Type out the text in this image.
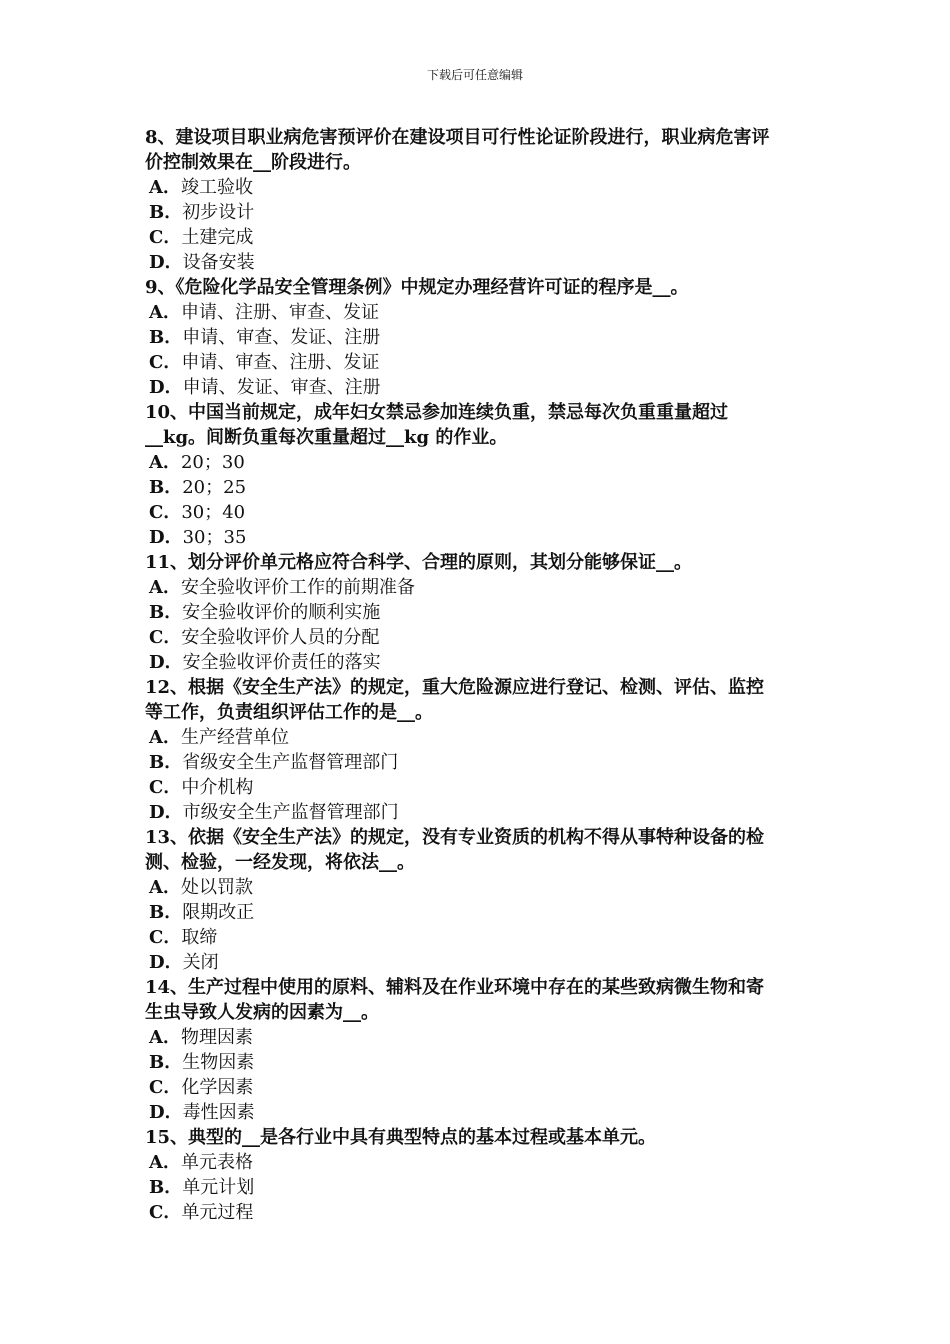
下载后可任意编辑
8、建设项目职业病危害预评价在建设项目可行性论证阶段进行，职业病危害评
价控制效果在__阶段进行。
A．竣工验收
B．初步设计
C．土建完成
D．设备安装
9、《危险化学品安全管理条例》中规定办理经营许可证的程序是__。
A．申请、注册、审查、发证
B．申请、审查、发证、注册
C．申请、审查、注册、发证
D．申请、发证、审查、注册
10、中国当前规定，成年妇女禁忌参加连续负重，禁忌每次负重重量超过
__kg。间断负重每次重量超过__kg 的作业。
A．20；30
B．20；25
C．30；40
D．30；35
11、划分评价单元格应符合科学、合理的原则，其划分能够保证__。
A．安全验收评价工作的前期准备
B．安全验收评价的顺利实施
C．安全验收评价人员的分配
D．安全验收评价责任的落实
12、根据《安全生产法》的规定，重大危险源应进行登记、检测、评估、监控
等工作，负责组织评估工作的是__。
A．生产经营单位
B．省级安全生产监督管理部门
C．中介机构
D．市级安全生产监督管理部门
13、依据《安全生产法》的规定，没有专业资质的机构不得从事特种设备的检
测、检验，一经发现，将依法__。
A．处以罚款
B．限期改正
C．取缔
D．关闭
14、生产过程中使用的原料、辅料及在作业环境中存在的某些致病微生物和寄
生虫导致人发病的因素为__。
A．物理因素
B．生物因素
C．化学因素
D．毒性因素
15、典型的__是各行业中具有典型特点的基本过程或基本单元。
A．单元表格
B．单元计划
C．单元过程
